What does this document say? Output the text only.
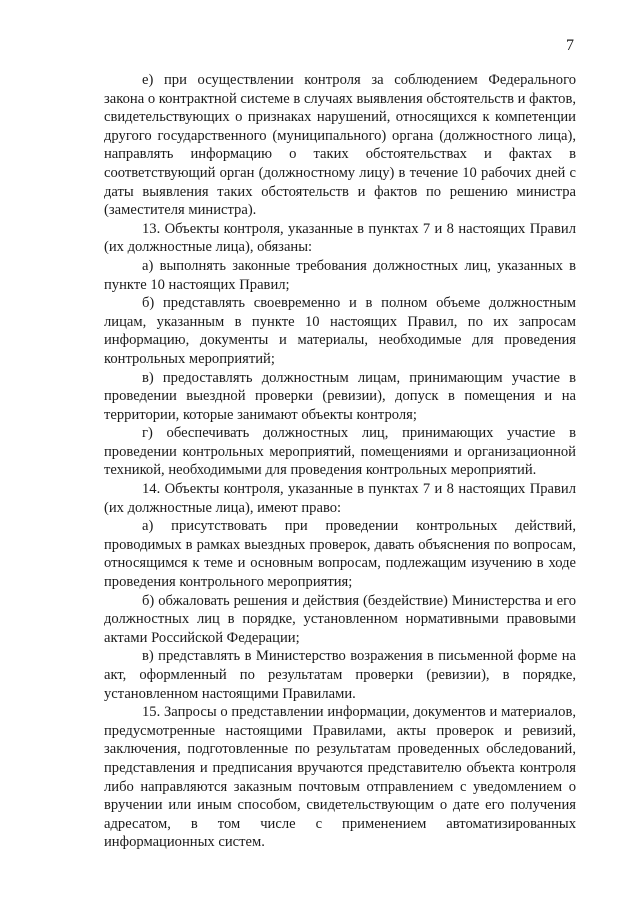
7

е) при осуществлении контроля за соблюдением Федерального закона о контрактной системе в случаях выявления обстоятельств и фактов, свидетельствующих о признаках нарушений, относящихся к компетенции другого государственного (муниципального) органа (должностного лица), направлять информацию о таких обстоятельствах и фактах в соответствующий орган (должностному лицу) в течение 10 рабочих дней с даты выявления таких обстоятельств и фактов по решению министра (заместителя министра).

13. Объекты контроля, указанные в пунктах 7 и 8 настоящих Правил (их должностные лица), обязаны:

а) выполнять законные требования должностных лиц, указанных в пункте 10 настоящих Правил;

б) представлять своевременно и в полном объеме должностным лицам, указанным в пункте 10 настоящих Правил, по их запросам информацию, документы и материалы, необходимые для проведения контрольных мероприятий;

в) предоставлять должностным лицам, принимающим участие в проведении выездной проверки (ревизии), допуск в помещения и на территории, которые занимают объекты контроля;

г) обеспечивать должностных лиц, принимающих участие в проведении контрольных мероприятий, помещениями и организационной техникой, необходимыми для проведения контрольных мероприятий.

14. Объекты контроля, указанные в пунктах 7 и 8 настоящих Правил (их должностные лица), имеют право:

а) присутствовать при проведении контрольных действий, проводимых в рамках выездных проверок, давать объяснения по вопросам, относящимся к теме и основным вопросам, подлежащим изучению в ходе проведения контрольного мероприятия;

б) обжаловать решения и действия (бездействие) Министерства и его должностных лиц в порядке, установленном нормативными правовыми актами Российской Федерации;

в) представлять в Министерство возражения в письменной форме на акт, оформленный по результатам проверки (ревизии), в порядке, установленном настоящими Правилами.

15. Запросы о представлении информации, документов и материалов, предусмотренные настоящими Правилами, акты проверок и ревизий, заключения, подготовленные по результатам проведенных обследований, представления и предписания вручаются представителю объекта контроля либо направляются заказным почтовым отправлением с уведомлением о вручении или иным способом, свидетельствующим о дате его получения адресатом, в том числе с применением автоматизированных информационных систем.
